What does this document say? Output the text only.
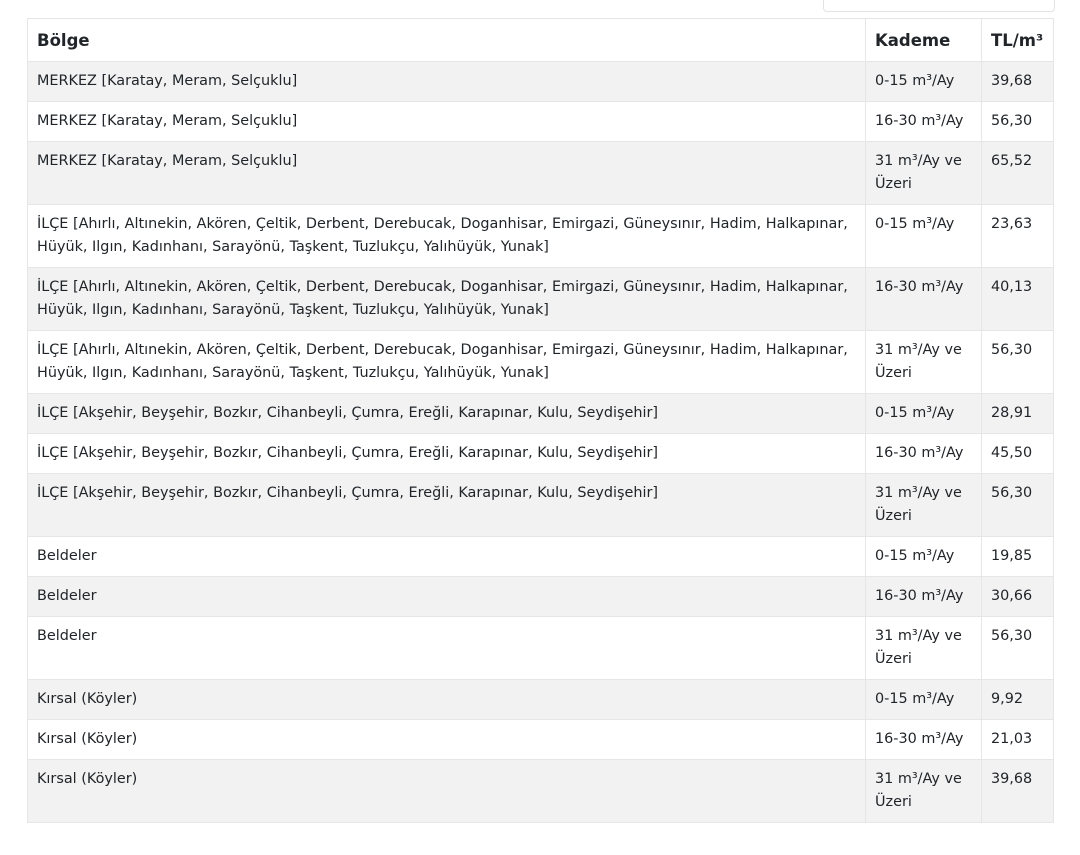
Bölge	Kademe	TL/m³
MERKEZ [Karatay, Meram, Selçuklu]	0-15 m³/Ay	39,68
MERKEZ [Karatay, Meram, Selçuklu]	16-30 m³/Ay	56,30
MERKEZ [Karatay, Meram, Selçuklu]	31 m³/Ay ve Üzeri	65,52
İLÇE [Ahırlı, Altınekin, Akören, Çeltik, Derbent, Derebucak, Doganhisar, Emirgazi, Güneysınır, Hadim, Halkapınar, Hüyük, Ilgın, Kadınhanı, Sarayönü, Taşkent, Tuzlukçu, Yalıhüyük, Yunak]	0-15 m³/Ay	23,63
İLÇE [Ahırlı, Altınekin, Akören, Çeltik, Derbent, Derebucak, Doganhisar, Emirgazi, Güneysınır, Hadim, Halkapınar, Hüyük, Ilgın, Kadınhanı, Sarayönü, Taşkent, Tuzlukçu, Yalıhüyük, Yunak]	16-30 m³/Ay	40,13
İLÇE [Ahırlı, Altınekin, Akören, Çeltik, Derbent, Derebucak, Doganhisar, Emirgazi, Güneysınır, Hadim, Halkapınar, Hüyük, Ilgın, Kadınhanı, Sarayönü, Taşkent, Tuzlukçu, Yalıhüyük, Yunak]	31 m³/Ay ve Üzeri	56,30
İLÇE [Akşehir, Beyşehir, Bozkır, Cihanbeyli, Çumra, Ereğli, Karapınar, Kulu, Seydişehir]	0-15 m³/Ay	28,91
İLÇE [Akşehir, Beyşehir, Bozkır, Cihanbeyli, Çumra, Ereğli, Karapınar, Kulu, Seydişehir]	16-30 m³/Ay	45,50
İLÇE [Akşehir, Beyşehir, Bozkır, Cihanbeyli, Çumra, Ereğli, Karapınar, Kulu, Seydişehir]	31 m³/Ay ve Üzeri	56,30
Beldeler	0-15 m³/Ay	19,85
Beldeler	16-30 m³/Ay	30,66
Beldeler	31 m³/Ay ve Üzeri	56,30
Kırsal (Köyler)	0-15 m³/Ay	9,92
Kırsal (Köyler)	16-30 m³/Ay	21,03
Kırsal (Köyler)	31 m³/Ay ve Üzeri	39,68
